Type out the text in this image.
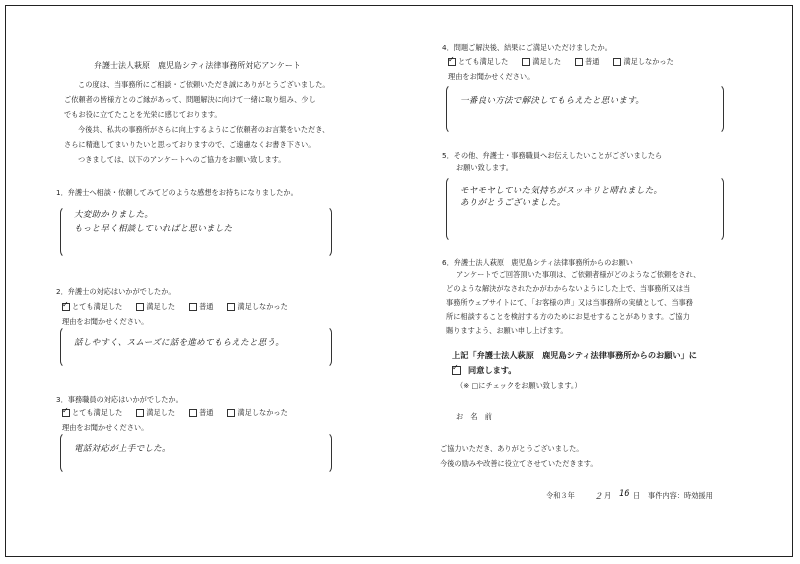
弁護士法人萩原　鹿児島シティ法律事務所対応アンケート
この度は、当事務所にご相談・ご依頼いただき誠にありがとうございました。
ご依頼者の皆様方とのご縁があって、問題解決に向けて一緒に取り組み、少し
でもお役に立てたことを光栄に感じております。
今後共、私共の事務所がさらに向上するようにご依頼者のお言葉をいただき、
さらに精進してまいりたいと思っておりますので、ご遠慮なくお書き下さい。
つきましては、以下のアンケートへのご協力をお願い致します。
1．弁護士へ相談・依頼してみてどのような感想をお持ちになりましたか。
大変助かりました。
もっと早く相談していればと思いました
2．弁護士の対応はいかがでしたか。
✓
とても満足した	満足した	普通	満足しなかった
理由をお聞かせください。
話しやすく、スムーズに話を進めてもらえたと思う。
3．事務職員の対応はいかがでしたか。
✓
とても満足した	満足した	普通	満足しなかった
理由をお聞かせください。
電話対応が上手でした。
4．問題ご解決後、結果にご満足いただけましたか。
✓
とても満足した	満足した	普通	満足しなかった
理由をお聞かせください。
一番良い方法で解決してもらえたと思います。
5．その他、弁護士・事務職員へお伝えしたいことがございましたら
お願い致します。
モヤモヤしていた気持ちがスッキリと晴れました。
ありがとうございました。
6．弁護士法人萩原　鹿児島シティ法律事務所からのお願い
アンケートでご回答頂いた事項は、ご依頼者様がどのようなご依頼をされ、
どのような解決がなされたかがわからないようにした上で、当事務所又は当
事務所ウェブサイトにて、「お客様の声」又は当事務所の実績として、当事務
所に相談することを検討する方のためにお見せすることがあります。ご協力
賜りますよう、お願い申し上げます。
上記「弁護士法人萩原　鹿児島シティ法律事務所からのお願い」に
✓
同意します。
（※ □にチェックをお願い致します。）
お　名　前
ご協力いただき、ありがとうございました。
今後の励みや改善に役立てさせていただきます。
令和３年 ２ 月 16 日 事件内容： 時効援用
